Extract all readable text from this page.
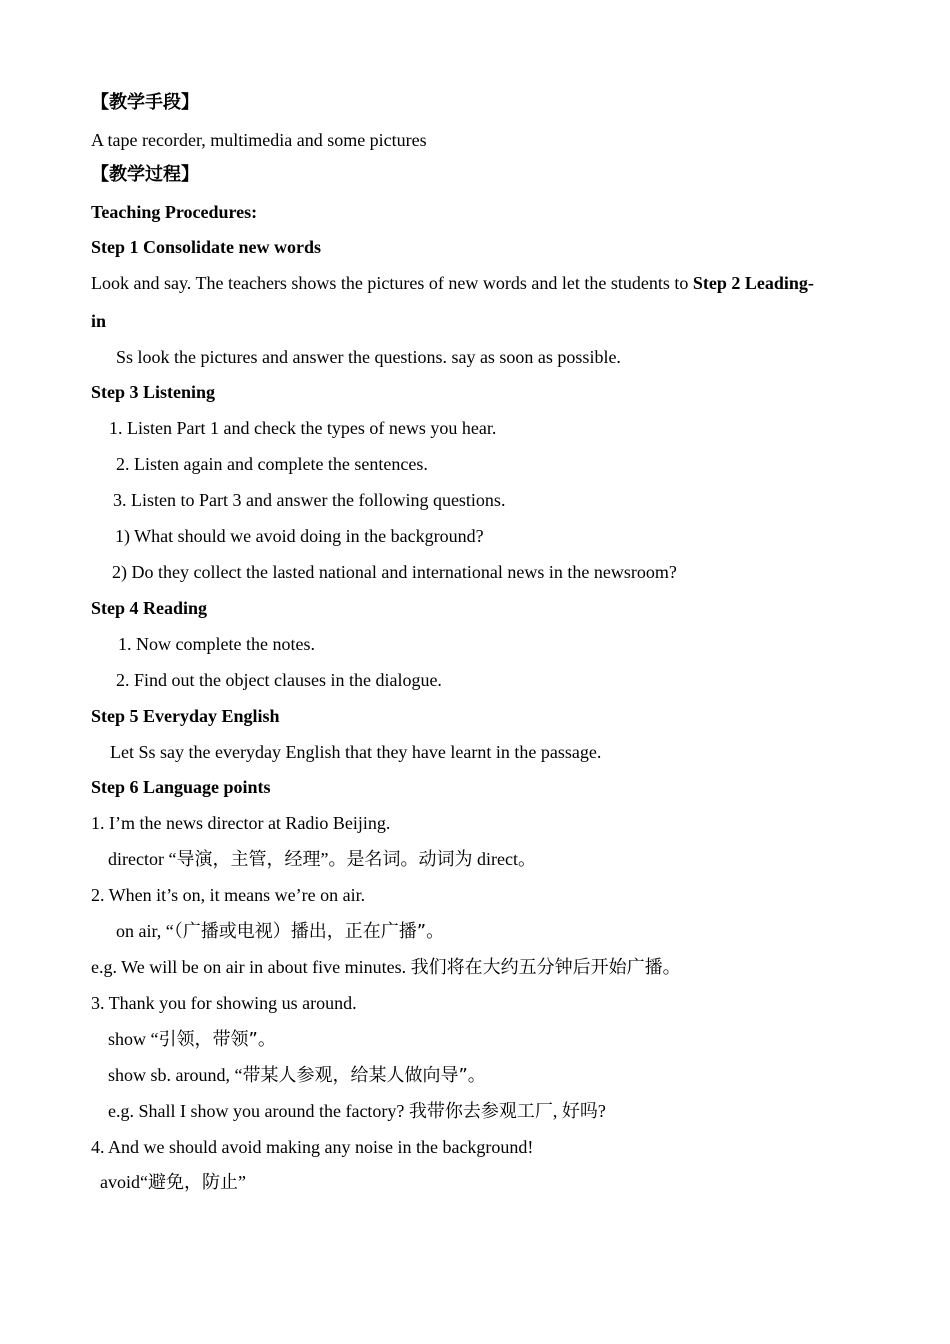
【教学手段】
A tape recorder, multimedia and some pictures
【教学过程】
Teaching Procedures:
Step 1 Consolidate new words
Look and say. The teachers shows the pictures of new words and let the students to Step 2 Leading-
in
Ss look the pictures and answer the questions. say as soon as possible.
Step 3 Listening
1. Listen Part 1 and check the types of news you hear.
2. Listen again and complete the sentences.
3. Listen to Part 3 and answer the following questions.
1) What should we avoid doing in the background?
2) Do they collect the lasted national and international news in the newsroom?
Step 4 Reading
1. Now complete the notes.
2. Find out the object clauses in the dialogue.
Step 5 Everyday English
Let Ss say the everyday English that they have learnt in the passage.
Step 6 Language points
1. I’m the news director at Radio Beijing.
director “导演，主管，经理”。是名词。动词为 direct。
2. When it’s on, it means we’re on air.
on air, “（广播或电视）播出，正在广播”。
e.g. We will be on air in about five minutes. 我们将在大约五分钟后开始广播。
3. Thank you for showing us around.
show “引领，带领”。
show sb. around, “带某人参观，给某人做向导”。
e.g. Shall I show you around the factory? 我带你去参观工厂, 好吗?
4. And we should avoid making any noise in the background!
avoid“避免，防止”
